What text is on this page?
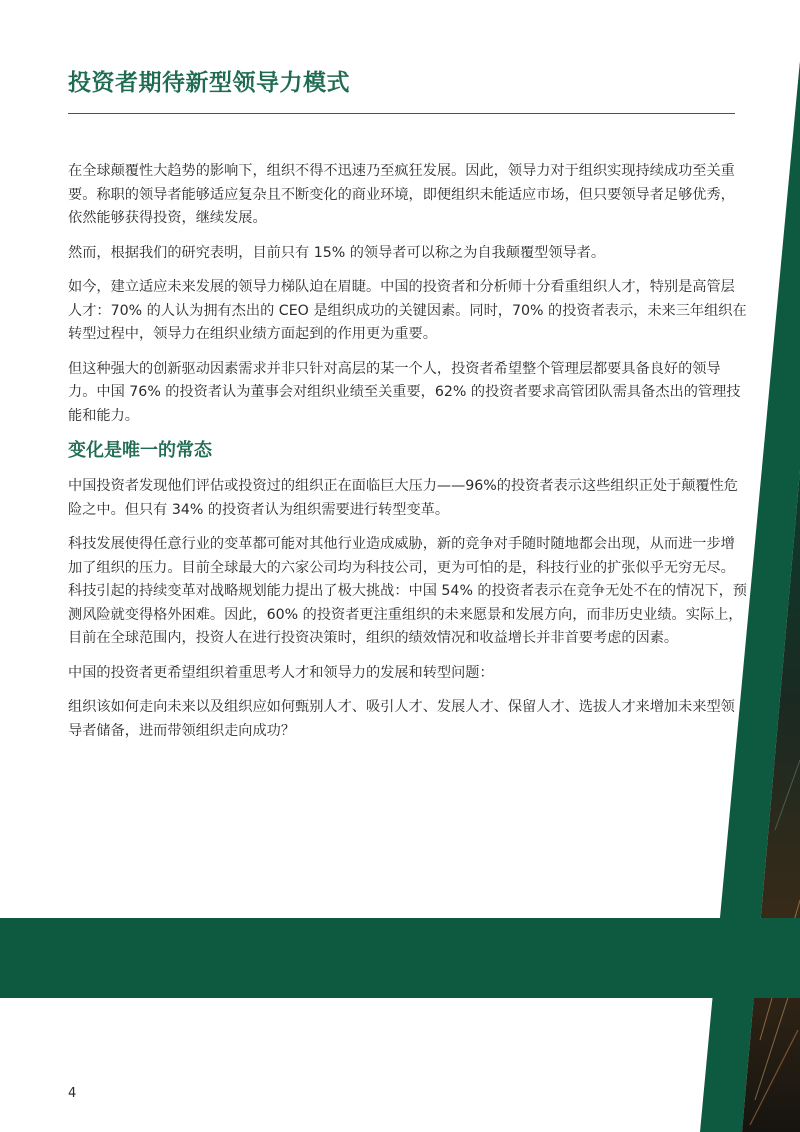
投资者期待新型领导力模式

在全球颠覆性大趋势的影响下，组织不得不迅速乃至疯狂发展。因此，领导力对于组织实现持续成功至关重要。称职的领导者能够适应复杂且不断变化的商业环境，即便组织未能适应市场，但只要领导者足够优秀，依然能够获得投资，继续发展。

然而，根据我们的研究表明，目前只有 15% 的领导者可以称之为自我颠覆型领导者。

如今，建立适应未来发展的领导力梯队迫在眉睫。中国的投资者和分析师十分看重组织人才，特别是高管层人才：70% 的人认为拥有杰出的 CEO 是组织成功的关键因素。同时，70% 的投资者表示，未来三年组织在转型过程中，领导力在组织业绩方面起到的作用更为重要。

但这种强大的创新驱动因素需求并非只针对高层的某一个人，投资者希望整个管理层都要具备良好的领导力。中国 76% 的投资者认为董事会对组织业绩至关重要，62% 的投资者要求高管团队需具备杰出的管理技能和能力。

变化是唯一的常态

中国投资者发现他们评估或投资过的组织正在面临巨大压力——96%的投资者表示这些组织正处于颠覆性危险之中。但只有 34% 的投资者认为组织需要进行转型变革。

科技发展使得任意行业的变革都可能对其他行业造成威胁，新的竞争对手随时随地都会出现，从而进一步增加了组织的压力。目前全球最大的六家公司均为科技公司，更为可怕的是，科技行业的扩张似乎无穷无尽。科技引起的持续变革对战略规划能力提出了极大挑战：中国 54% 的投资者表示在竞争无处不在的情况下，预测风险就变得格外困难。因此，60% 的投资者更注重组织的未来愿景和发展方向，而非历史业绩。实际上，目前在全球范围内，投资人在进行投资决策时，组织的绩效情况和收益增长并非首要考虑的因素。

中国的投资者更希望组织着重思考人才和领导力的发展和转型问题：

组织该如何走向未来以及组织应如何甄别人才、吸引人才、发展人才、保留人才、选拔人才来增加未来型领导者储备，进而带领组织走向成功？

4
